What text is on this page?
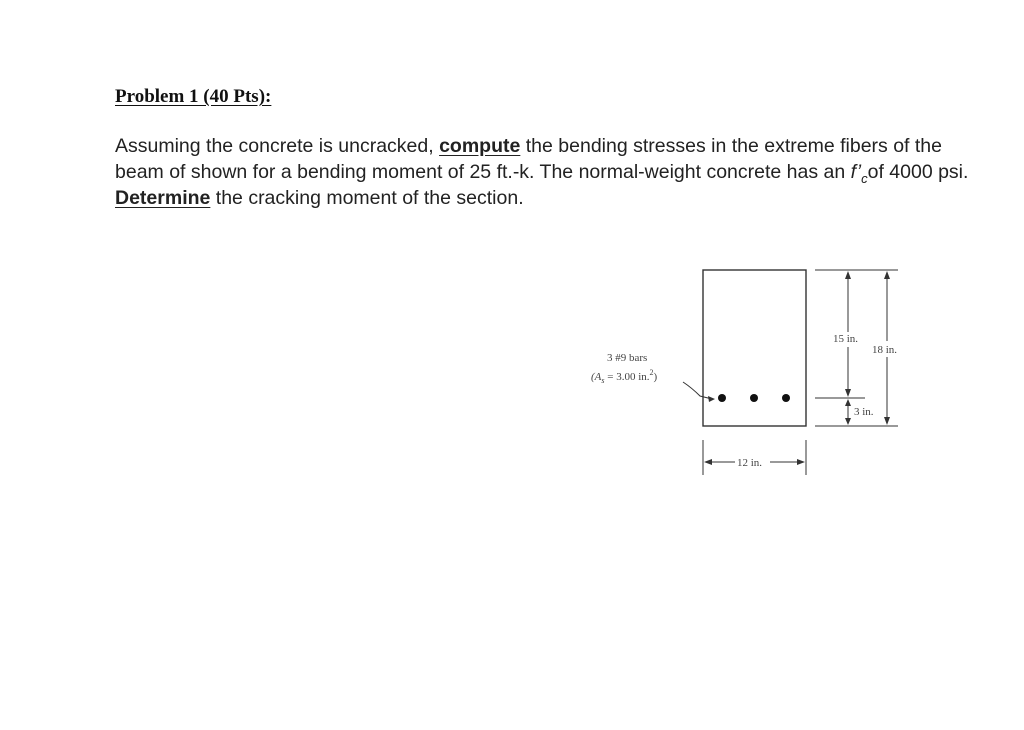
Problem 1 (40 Pts):

Assuming the concrete is uncracked, compute the bending stresses in the extreme fibers of the beam of shown for a bending moment of 25 ft.-k. The normal-weight concrete has an $f’_cof$ 4000 psi. Determine the cracking moment of the section.

15 in.
18 in.
3 in.
12 in.
3 #9 bars
($A_s = 3.00$ in.$^2$)
